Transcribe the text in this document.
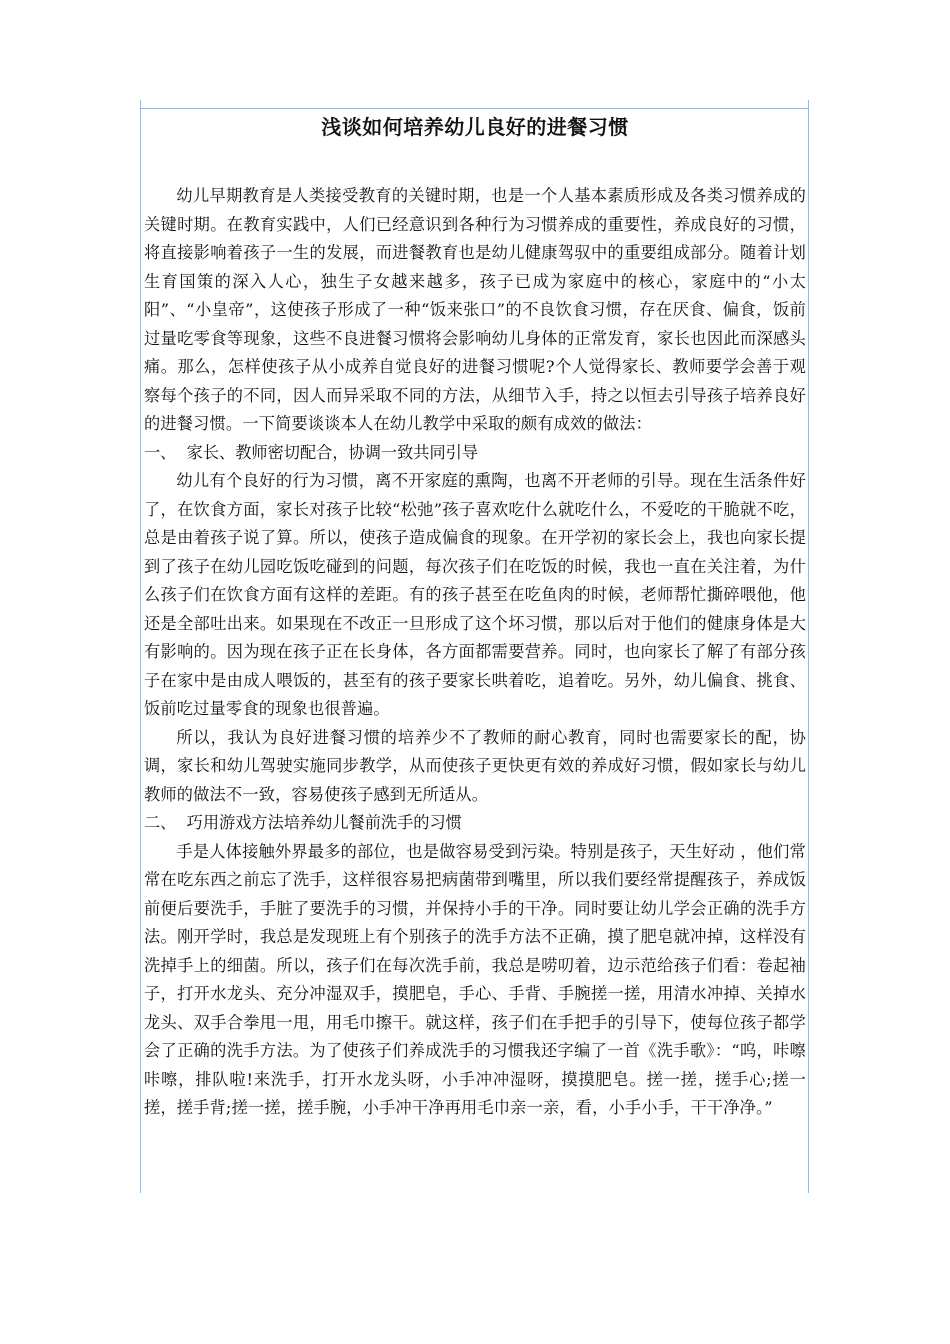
浅谈如何培养幼儿良好的进餐习惯

幼儿早期教育是人类接受教育的关键时期，也是一个人基本素质形成及各类习惯养成的关键时期。在教育实践中，人们已经意识到各种行为习惯养成的重要性，养成良好的习惯，将直接影响着孩子一生的发展，而进餐教育也是幼儿健康驾驭中的重要组成部分。随着计划生育国策的深入人心，独生子女越来越多，孩子已成为家庭中的核心，家庭中的“小太阳”、“小皇帝”，这使孩子形成了一种“饭来张口”的不良饮食习惯，存在厌食、偏食，饭前过量吃零食等现象，这些不良进餐习惯将会影响幼儿身体的正常发育，家长也因此而深感头痛。那么，怎样使孩子从小成养自觉良好的进餐习惯呢?个人觉得家长、教师要学会善于观察每个孩子的不同，因人而异采取不同的方法，从细节入手，持之以恒去引导孩子培养良好的进餐习惯。一下简要谈谈本人在幼儿教学中采取的颇有成效的做法：

一、  家长、教师密切配合，协调一致共同引导

幼儿有个良好的行为习惯，离不开家庭的熏陶，也离不开老师的引导。现在生活条件好了，在饮食方面，家长对孩子比较“松弛”孩子喜欢吃什么就吃什么，不爱吃的干脆就不吃，总是由着孩子说了算。所以，使孩子造成偏食的现象。在开学初的家长会上，我也向家长提到了孩子在幼儿园吃饭吃碰到的问题，每次孩子们在吃饭的时候，我也一直在关注着，为什么孩子们在饮食方面有这样的差距。有的孩子甚至在吃鱼肉的时候，老师帮忙撕碎喂他，他还是全部吐出来。如果现在不改正一旦形成了这个坏习惯，那以后对于他们的健康身体是大有影响的。因为现在孩子正在长身体，各方面都需要营养。同时，也向家长了解了有部分孩子在家中是由成人喂饭的，甚至有的孩子要家长哄着吃，追着吃。另外，幼儿偏食、挑食、饭前吃过量零食的现象也很普遍。

所以，我认为良好进餐习惯的培养少不了教师的耐心教育，同时也需要家长的配，协调，家长和幼儿驾驶实施同步教学，从而使孩子更快更有效的养成好习惯，假如家长与幼儿教师的做法不一致，容易使孩子感到无所适从。

二、  巧用游戏方法培养幼儿餐前洗手的习惯

手是人体接触外界最多的部位，也是做容易受到污染。特别是孩子，天生好动 ，他们常常在吃东西之前忘了洗手，这样很容易把病菌带到嘴里，所以我们要经常提醒孩子，养成饭前便后要洗手，手脏了要洗手的习惯，并保持小手的干净。同时要让幼儿学会正确的洗手方法。刚开学时，我总是发现班上有个别孩子的洗手方法不正确，摸了肥皂就冲掉，这样没有洗掉手上的细菌。所以，孩子们在每次洗手前，我总是唠叨着，边示范给孩子们看：卷起袖子，打开水龙头、充分冲湿双手，摸肥皂，手心、手背、手腕搓一搓，用清水冲掉、关掉水龙头、双手合拳甩一甩，用毛巾擦干。就这样，孩子们在手把手的引导下，使每位孩子都学会了正确的洗手方法。为了使孩子们养成洗手的习惯我还字编了一首《洗手歌》：“呜，咔嚓咔嚓，排队啦!来洗手，打开水龙头呀，小手冲冲湿呀，摸摸肥皂。搓一搓，搓手心;搓一搓，搓手背;搓一搓，搓手腕，小手冲干净再用毛巾亲一亲，看，小手小手，干干净净。”
